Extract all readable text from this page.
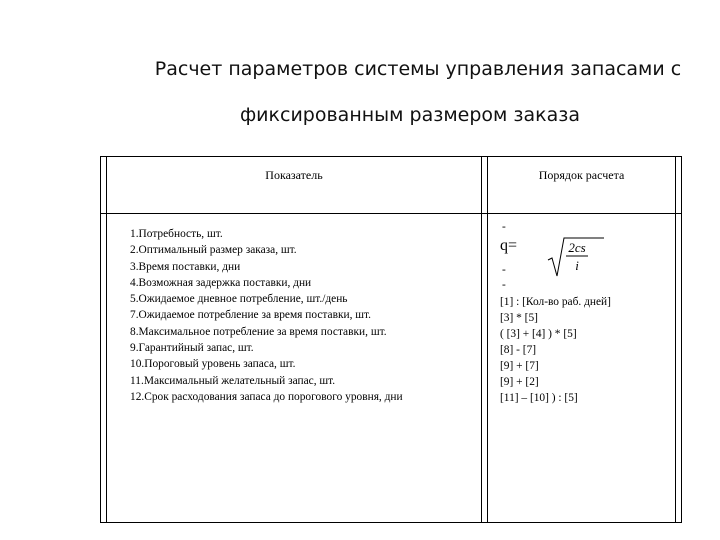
Расчет параметров системы управления запасами с
фиксированным размером заказа
Показатель	Порядок расчета
1.Потребность, шт.
2.Оптимальный размер заказа, шт.
3.Время поставки, дни
4.Возможная задержка поставки, дни
5.Ожидаемое дневное потребление, шт./день
7.Ожидаемое потребление за время поставки, шт.
8.Максимальное потребление за время поставки, шт.
9.Гарантийный запас, шт.
10.Пороговый уровень запаса, шт.
11.Максимальный желательный запас, шт.
12.Срок расходования запаса до порогового уровня, дни
-
q=	2cs
i
-
-
[1] : [Кол-во раб. дней]
[3] * [5]
( [3] + [4] ) * [5]
[8] - [7]
[9] + [7]
[9] + [2]
[11] – [10] ) : [5]
